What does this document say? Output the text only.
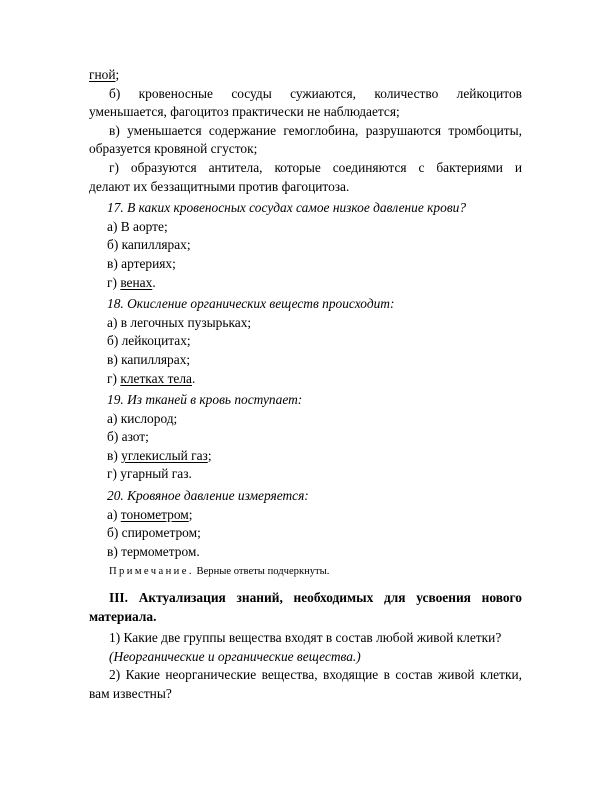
гной;
б) кровеносные сосуды сужиаются, количество лейкоцитов
уменьшается, фагоцитоз практически не наблюдается;
в) уменьшается содержание гемоглобина, разрушаются тромбоциты,
образуется кровяной сгусток;
г) образуются антитела, которые соединяются с бактериями и
делают их беззащитными против фагоцитоза.
17. В каких кровеносных сосудах самое низкое давление крови?
а) В аорте;
б) капиллярах;
в) артериях;
г) венах.
18. Окисление органических веществ происходит:
а) в легочных пузырьках;
б) лейкоцитах;
в) капиллярах;
г) клетках тела.
19. Из тканей в кровь поступает:
а) кислород;
б) азот;
в) углекислый газ;
г) угарный газ.
20. Кровяное давление измеряется:
а) тонометром;
б) спирометром;
в) термометром.
Примечание. Верные ответы подчеркнуты.
III. Актуализация знаний, необходимых для усвоения нового
материала.
1) Какие две группы вещества входят в состав любой живой клетки?
(Неорганические и органические вещества.)
2) Какие неорганические вещества, входящие в состав живой клетки,
вам известны?
